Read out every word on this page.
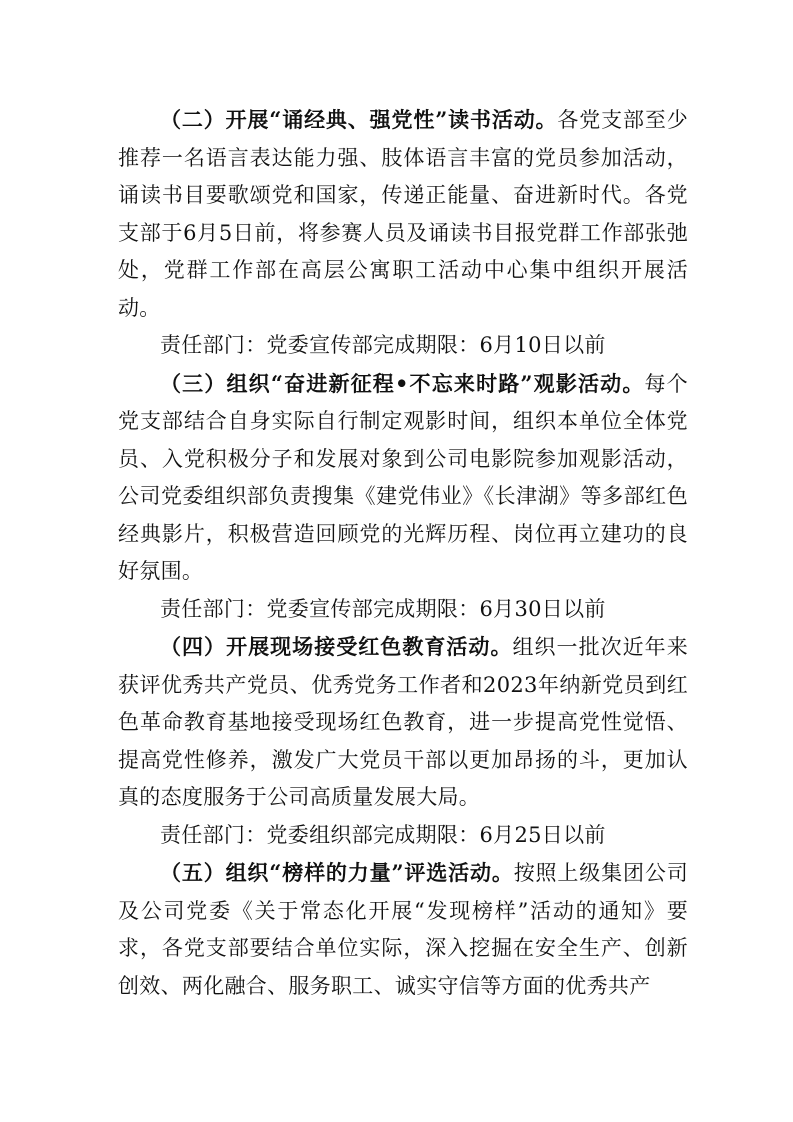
（二）开展“诵经典、强党性”读书活动。各党支部至少推荐一名语言表达能力强、肢体语言丰富的党员参加活动，诵读书目要歌颂党和国家，传递正能量、奋进新时代。各党支部于6月5日前，将参赛人员及诵读书目报党群工作部张弛处，党群工作部在高层公寓职工活动中心集中组织开展活动。

责任部门：党委宣传部完成期限：6月10日以前

（三）组织“奋进新征程•不忘来时路”观影活动。每个党支部结合自身实际自行制定观影时间，组织本单位全体党员、入党积极分子和发展对象到公司电影院参加观影活动，公司党委组织部负责搜集《建党伟业》《长津湖》等多部红色经典影片，积极营造回顾党的光辉历程、岗位再立建功的良好氛围。

责任部门：党委宣传部完成期限：6月30日以前

（四）开展现场接受红色教育活动。组织一批次近年来获评优秀共产党员、优秀党务工作者和2023年纳新党员到红色革命教育基地接受现场红色教育，进一步提高党性觉悟、提高党性修养，激发广大党员干部以更加昂扬的斗，更加认真的态度服务于公司高质量发展大局。

责任部门：党委组织部完成期限：6月25日以前

（五）组织“榜样的力量”评选活动。按照上级集团公司及公司党委《关于常态化开展“发现榜样”活动的通知》要求，各党支部要结合单位实际，深入挖掘在安全生产、创新创效、两化融合、服务职工、诚实守信等方面的优秀共产
